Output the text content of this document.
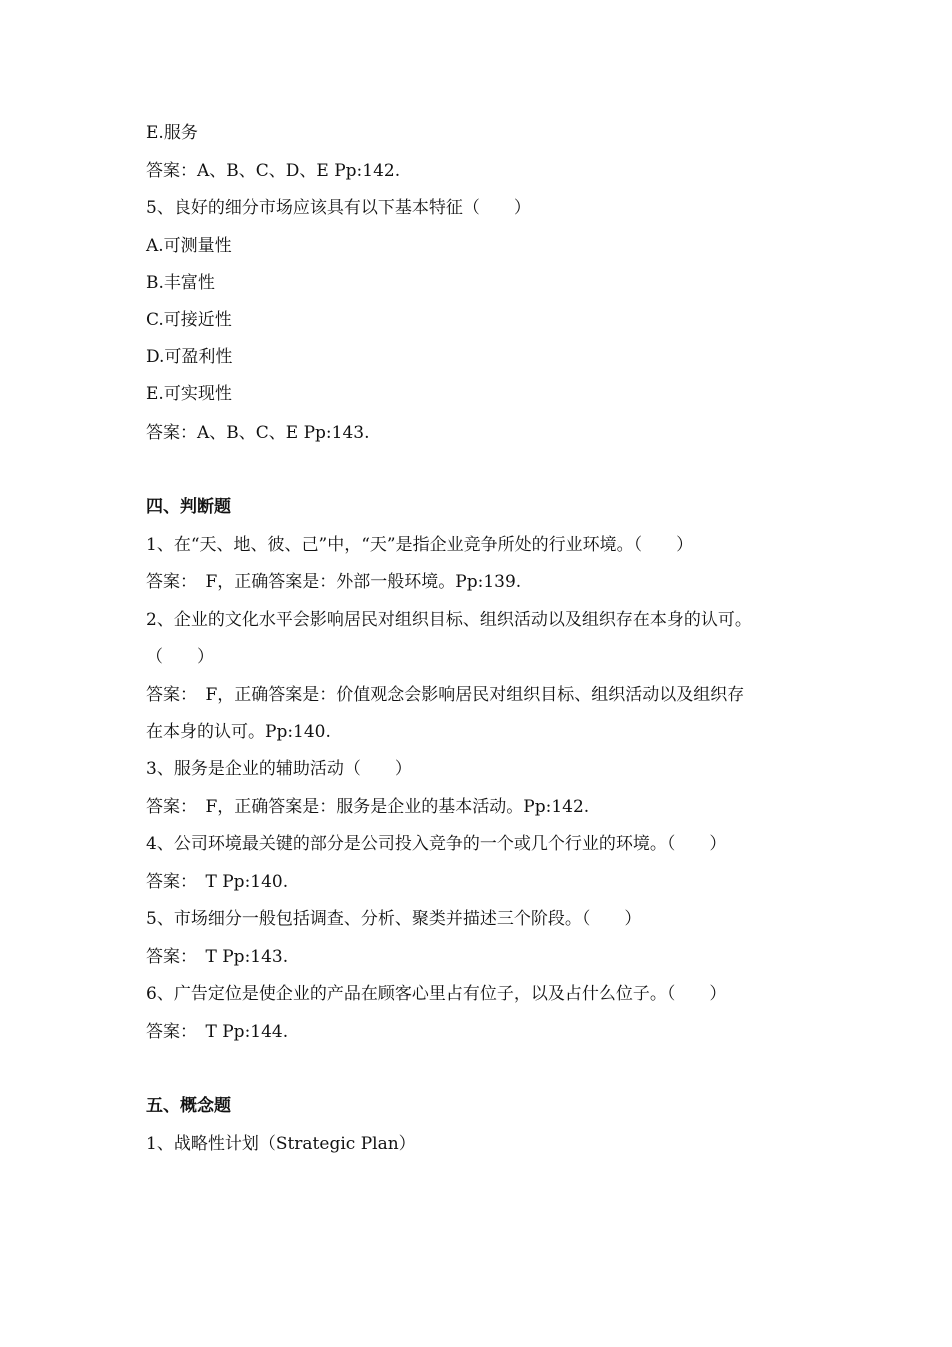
E.服务
答案：A、B、C、D、E Pp:142.
5、良好的细分市场应该具有以下基本特征（　　）
A.可测量性
B.丰富性
C.可接近性
D.可盈利性
E.可实现性
答案：A、B、C、E Pp:143.
四、判断题
1、在“天、地、彼、己”中，“天”是指企业竞争所处的行业环境。（　　）
答案：　F，正确答案是：外部一般环境。Pp:139.
2、企业的文化水平会影响居民对组织目标、组织活动以及组织存在本身的认可。
（　　）
答案：　F，正确答案是：价值观念会影响居民对组织目标、组织活动以及组织存
在本身的认可。Pp:140.
3、服务是企业的辅助活动（　　）
答案：　F，正确答案是：服务是企业的基本活动。Pp:142.
4、公司环境最关键的部分是公司投入竞争的一个或几个行业的环境。（　　）
答案：　T Pp:140.
5、市场细分一般包括调查、分析、聚类并描述三个阶段。（　　）
答案：　T Pp:143.
6、广告定位是使企业的产品在顾客心里占有位子，以及占什么位子。（　　）
答案：　T Pp:144.
五、概念题
1、战略性计划（Strategic Plan）
